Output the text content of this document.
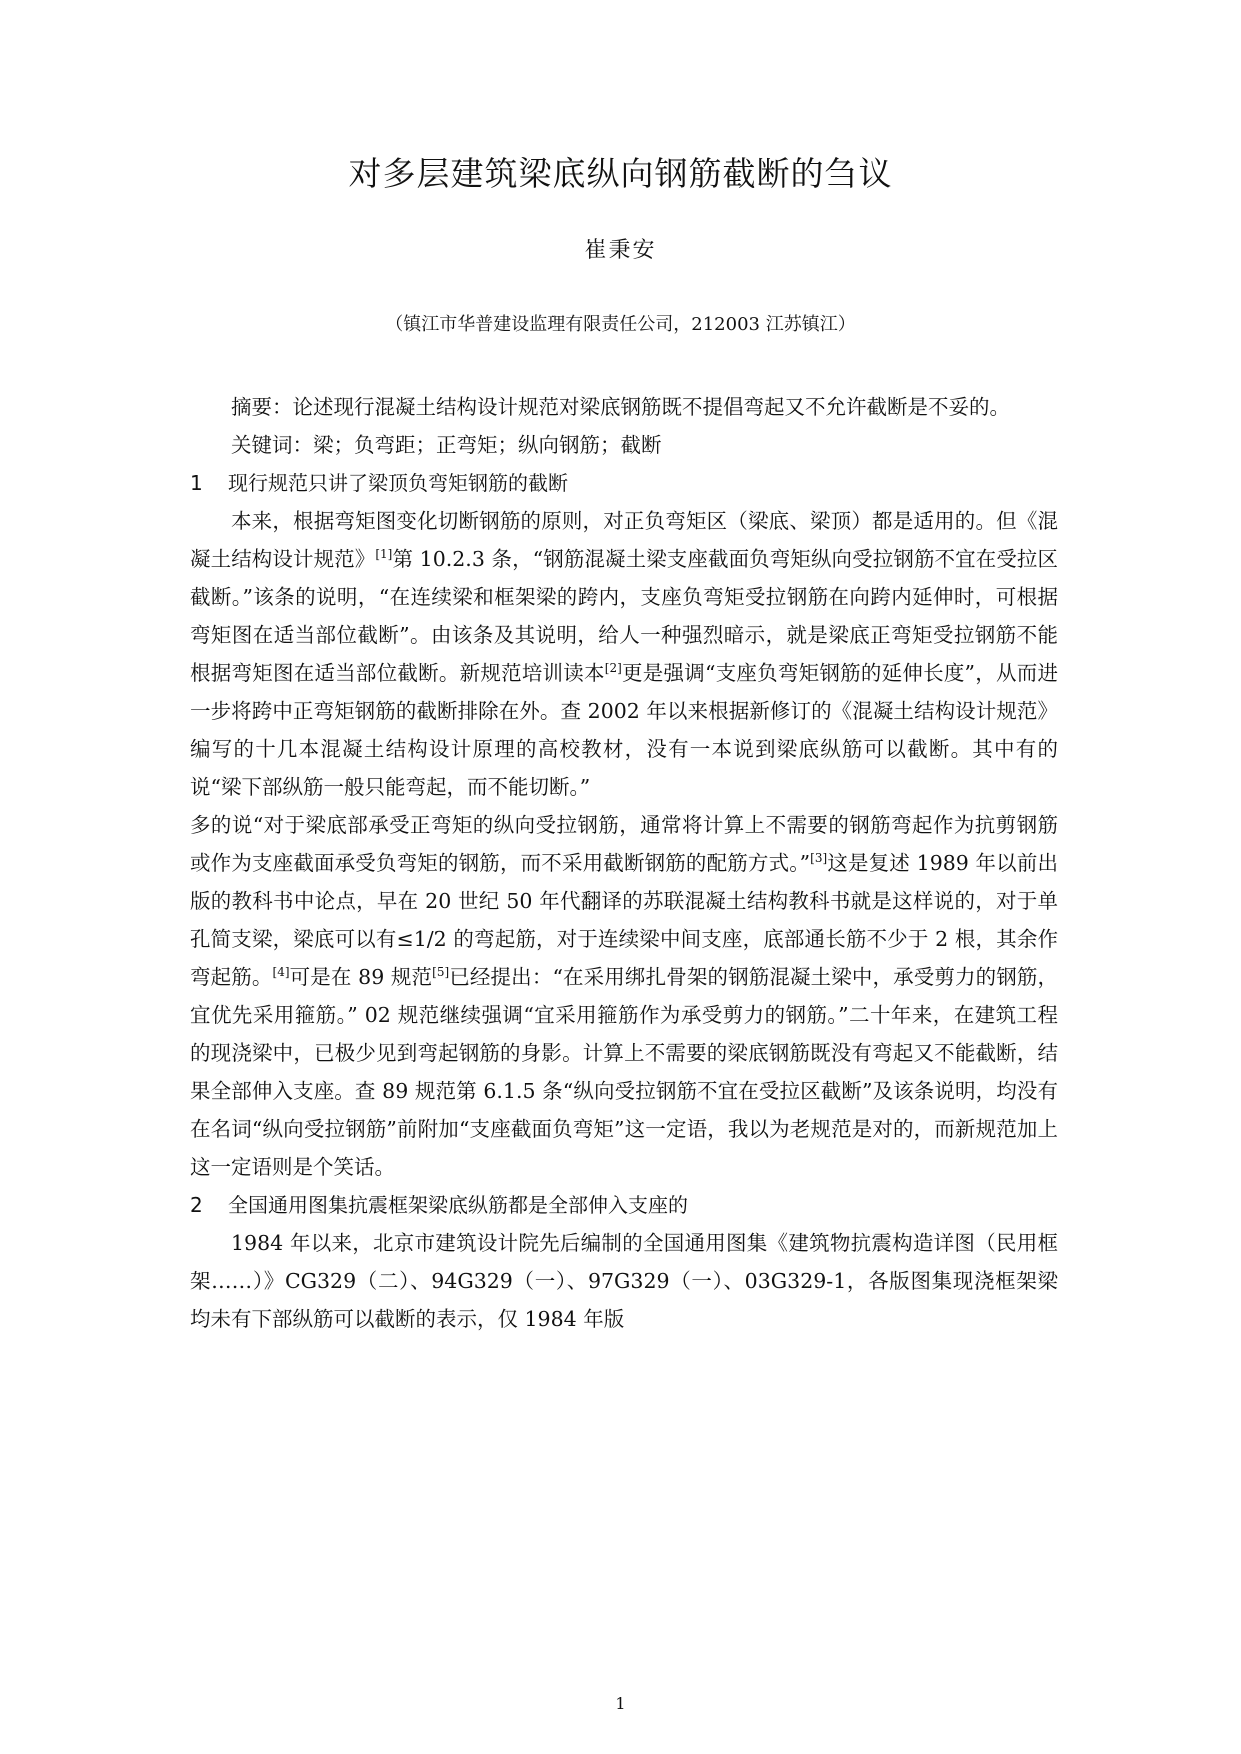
对多层建筑梁底纵向钢筋截断的刍议
崔秉安
（镇江市华普建设监理有限责任公司，212003 江苏镇江）

摘要：论述现行混凝土结构设计规范对梁底钢筋既不提倡弯起又不允许截断是不妥的。

关键词：梁；负弯距；正弯矩；纵向钢筋；截断

1 现行规范只讲了梁顶负弯矩钢筋的截断

本来，根据弯矩图变化切断钢筋的原则，对正负弯矩区（梁底、梁顶）都是适用的。但《混凝土结构设计规范》[1]第 10.2.3 条，“钢筋混凝土梁支座截面负弯矩纵向受拉钢筋不宜在受拉区截断。”该条的说明，“在连续梁和框架梁的跨内，支座负弯矩受拉钢筋在向跨内延伸时，可根据弯矩图在适当部位截断”。由该条及其说明，给人一种强烈暗示，就是梁底正弯矩受拉钢筋不能根据弯矩图在适当部位截断。新规范培训读本[2]更是强调“支座负弯矩钢筋的延伸长度”，从而进一步将跨中正弯矩钢筋的截断排除在外。查 2002 年以来根据新修订的《混凝土结构设计规范》编写的十几本混凝土结构设计原理的高校教材，没有一本说到梁底纵筋可以截断。其中有的说“梁下部纵筋一般只能弯起，而不能切断。”
多的说“对于梁底部承受正弯矩的纵向受拉钢筋，通常将计算上不需要的钢筋弯起作为抗剪钢筋或作为支座截面承受负弯矩的钢筋，而不采用截断钢筋的配筋方式。”[3]这是复述 1989 年以前出版的教科书中论点，早在 20 世纪 50 年代翻译的苏联混凝土结构教科书就是这样说的，对于单孔简支梁，梁底可以有≤1/2 的弯起筋，对于连续梁中间支座，底部通长筋不少于 2 根，其余作弯起筋。[4]可是在 89 规范[5]已经提出：“在采用绑扎骨架的钢筋混凝土梁中，承受剪力的钢筋，宜优先采用箍筋。” 02 规范继续强调“宜采用箍筋作为承受剪力的钢筋。”二十年来，在建筑工程的现浇梁中，已极少见到弯起钢筋的身影。计算上不需要的梁底钢筋既没有弯起又不能截断，结果全部伸入支座。查 89 规范第 6.1.5 条“纵向受拉钢筋不宜在受拉区截断”及该条说明，均没有在名词“纵向受拉钢筋”前附加“支座截面负弯矩”这一定语，我以为老规范是对的，而新规范加上这一定语则是个笑话。

2 全国通用图集抗震框架梁底纵筋都是全部伸入支座的

1984 年以来，北京市建筑设计院先后编制的全国通用图集《建筑物抗震构造详图（民用框架……）》CG329（二）、94G329（一）、97G329（一）、03G329-1，各版图集现浇框架梁均未有下部纵筋可以截断的表示，仅 1984 年版

1
